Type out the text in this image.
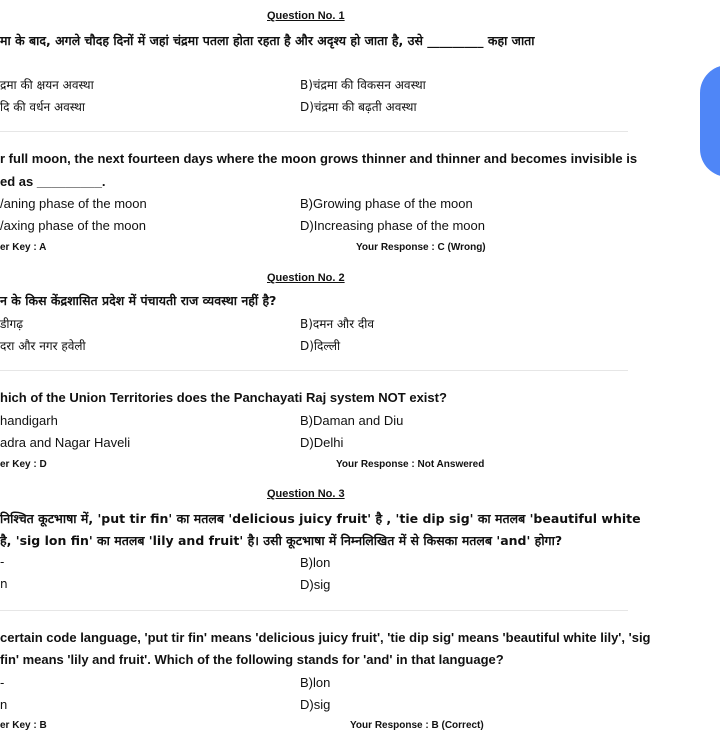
Question No. 1
मा के बाद, अगले चौदह दिनों में जहां चंद्रमा पतला होता रहता है और अदृश्य हो जाता है, उसे _________ कहा जाता
द्रमा की क्षयन अवस्था	B)चंद्रमा की विकसन अवस्था
दि की वर्धन अवस्था	D)चंद्रमा की बढ़ती अवस्था
r full moon, the next fourteen days where the moon grows thinner and thinner and becomes invisible is
ed as _________.
/aning phase of the moon	B)Growing phase of the moon
/axing phase of the moon	D)Increasing phase of the moon
er Key : A	Your Response : C (Wrong)
Question No. 2
न के किस केंद्रशासित प्रदेश में पंचायती राज व्यवस्था नहीं है?
डीगढ़	B)दमन और दीव
दरा और नगर हवेली	D)दिल्ली
hich of the Union Territories does the Panchayati Raj system NOT exist?
handigarh	B)Daman and Diu
adra and Nagar Haveli	D)Delhi
er Key : D	Your Response : Not Answered
Question No. 3
निश्चित कूटभाषा में, 'put tir fin' का मतलब 'delicious juicy fruit' है , 'tie dip sig' का मतलब 'beautiful white
है, 'sig lon fin' का मतलब 'lily and fruit' है। उसी कूटभाषा में निम्नलिखित में से किसका मतलब 'and' होगा?
-	B)lon
n	D)sig
certain code language, 'put tir fin' means 'delicious juicy fruit', 'tie dip sig' means 'beautiful white lily', 'sig
fin' means 'lily and fruit'. Which of the following stands for 'and' in that language?
-	B)lon
n	D)sig
er Key : B	Your Response : B (Correct)
